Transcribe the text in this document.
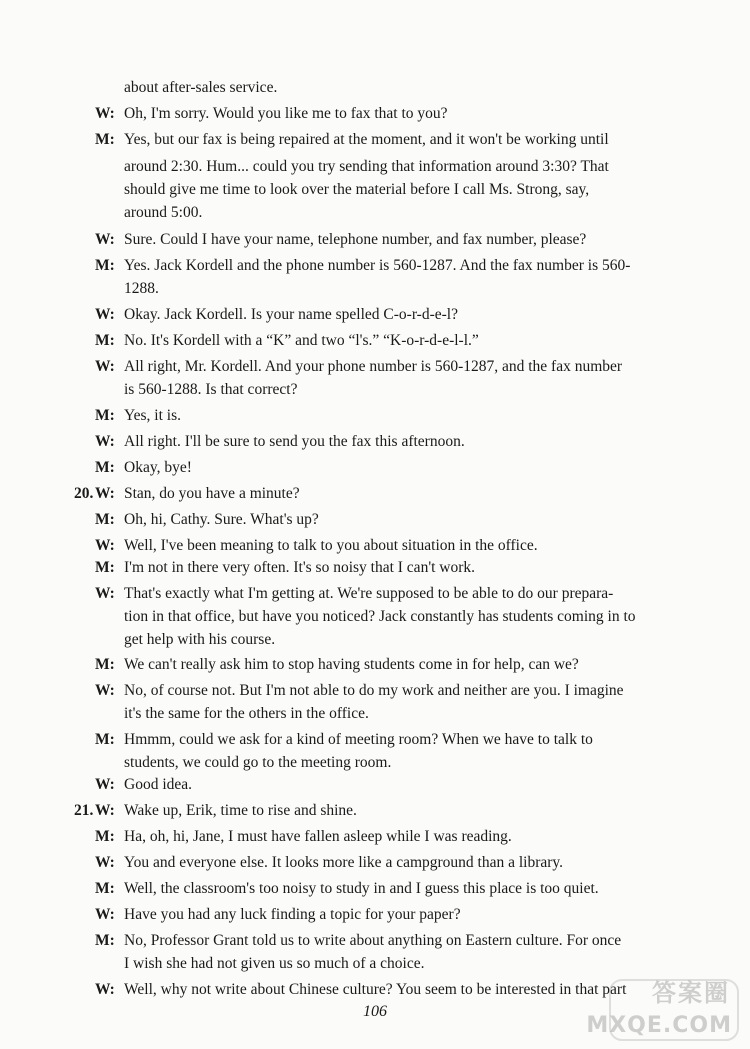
about after-sales service.
W: Oh, I'm sorry. Would you like me to fax that to you?
M: Yes, but our fax is being repaired at the moment, and it won't be working until
around 2:30. Hum... could you try sending that information around 3:30? That
should give me time to look over the material before I call Ms. Strong, say,
around 5:00.
W: Sure. Could I have your name, telephone number, and fax number, please?
M: Yes. Jack Kordell and the phone number is 560-1287. And the fax number is 560-
1288.
W: Okay. Jack Kordell. Is your name spelled C-o-r-d-e-l?
M: No. It's Kordell with a “K” and two “l's.” “K-o-r-d-e-l-l.”
W: All right, Mr. Kordell. And your phone number is 560-1287, and the fax number
is 560-1288. Is that correct?
M: Yes, it is.
W: All right. I'll be sure to send you the fax this afternoon.
M: Okay, bye!
20. W: Stan, do you have a minute?
M: Oh, hi, Cathy. Sure. What's up?
W: Well, I've been meaning to talk to you about situation in the office.
M: I'm not in there very often. It's so noisy that I can't work.
W: That's exactly what I'm getting at. We're supposed to be able to do our prepara-
tion in that office, but have you noticed? Jack constantly has students coming in to
get help with his course.
M: We can't really ask him to stop having students come in for help, can we?
W: No, of course not. But I'm not able to do my work and neither are you. I imagine
it's the same for the others in the office.
M: Hmmm, could we ask for a kind of meeting room? When we have to talk to
students, we could go to the meeting room.
W: Good idea.
21. W: Wake up, Erik, time to rise and shine.
M: Ha, oh, hi, Jane, I must have fallen asleep while I was reading.
W: You and everyone else. It looks more like a campground than a library.
M: Well, the classroom's too noisy to study in and I guess this place is too quiet.
W: Have you had any luck finding a topic for your paper?
M: No, Professor Grant told us to write about anything on Eastern culture. For once
I wish she had not given us so much of a choice.
W: Well, why not write about Chinese culture? You seem to be interested in that part
106
答案圈
MXQE.COM
